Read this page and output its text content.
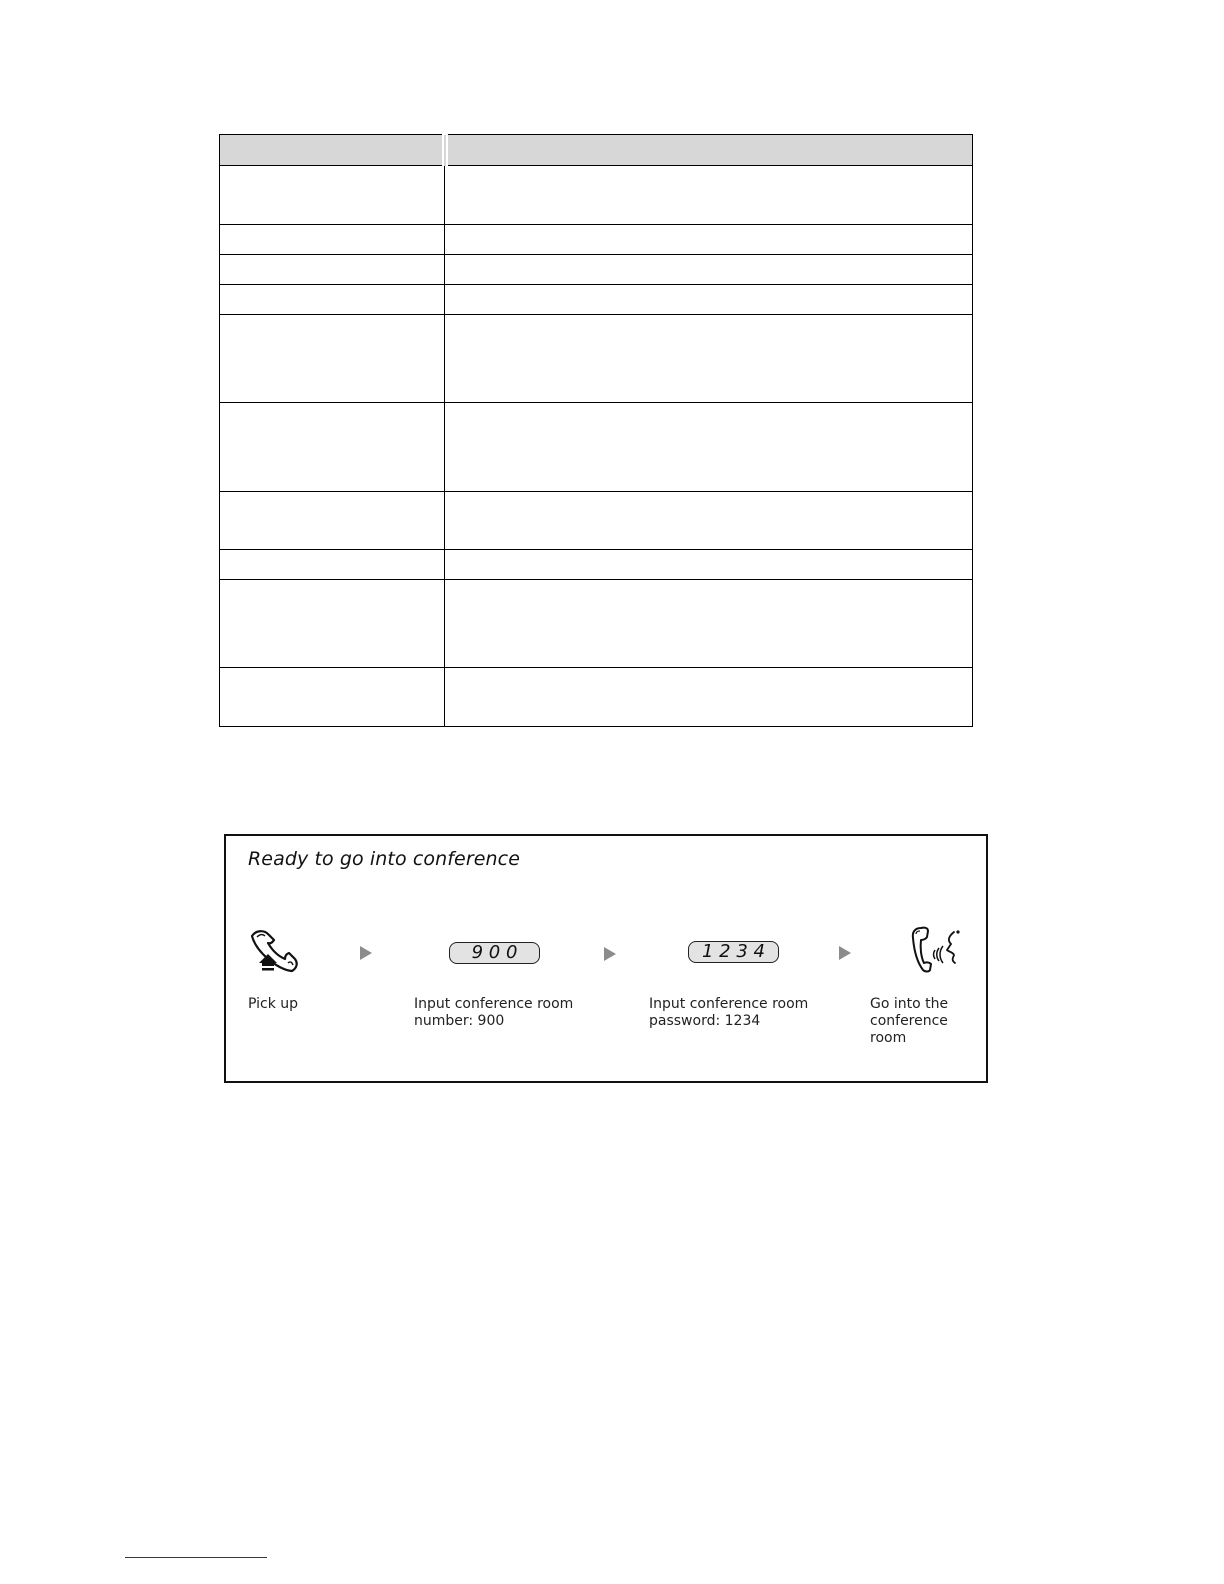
Ready to go into conference
Pick up
9 0 0
Input conference room
number: 900
1 2 3 4
Input conference room
password: 1234
Go into the
conference room
